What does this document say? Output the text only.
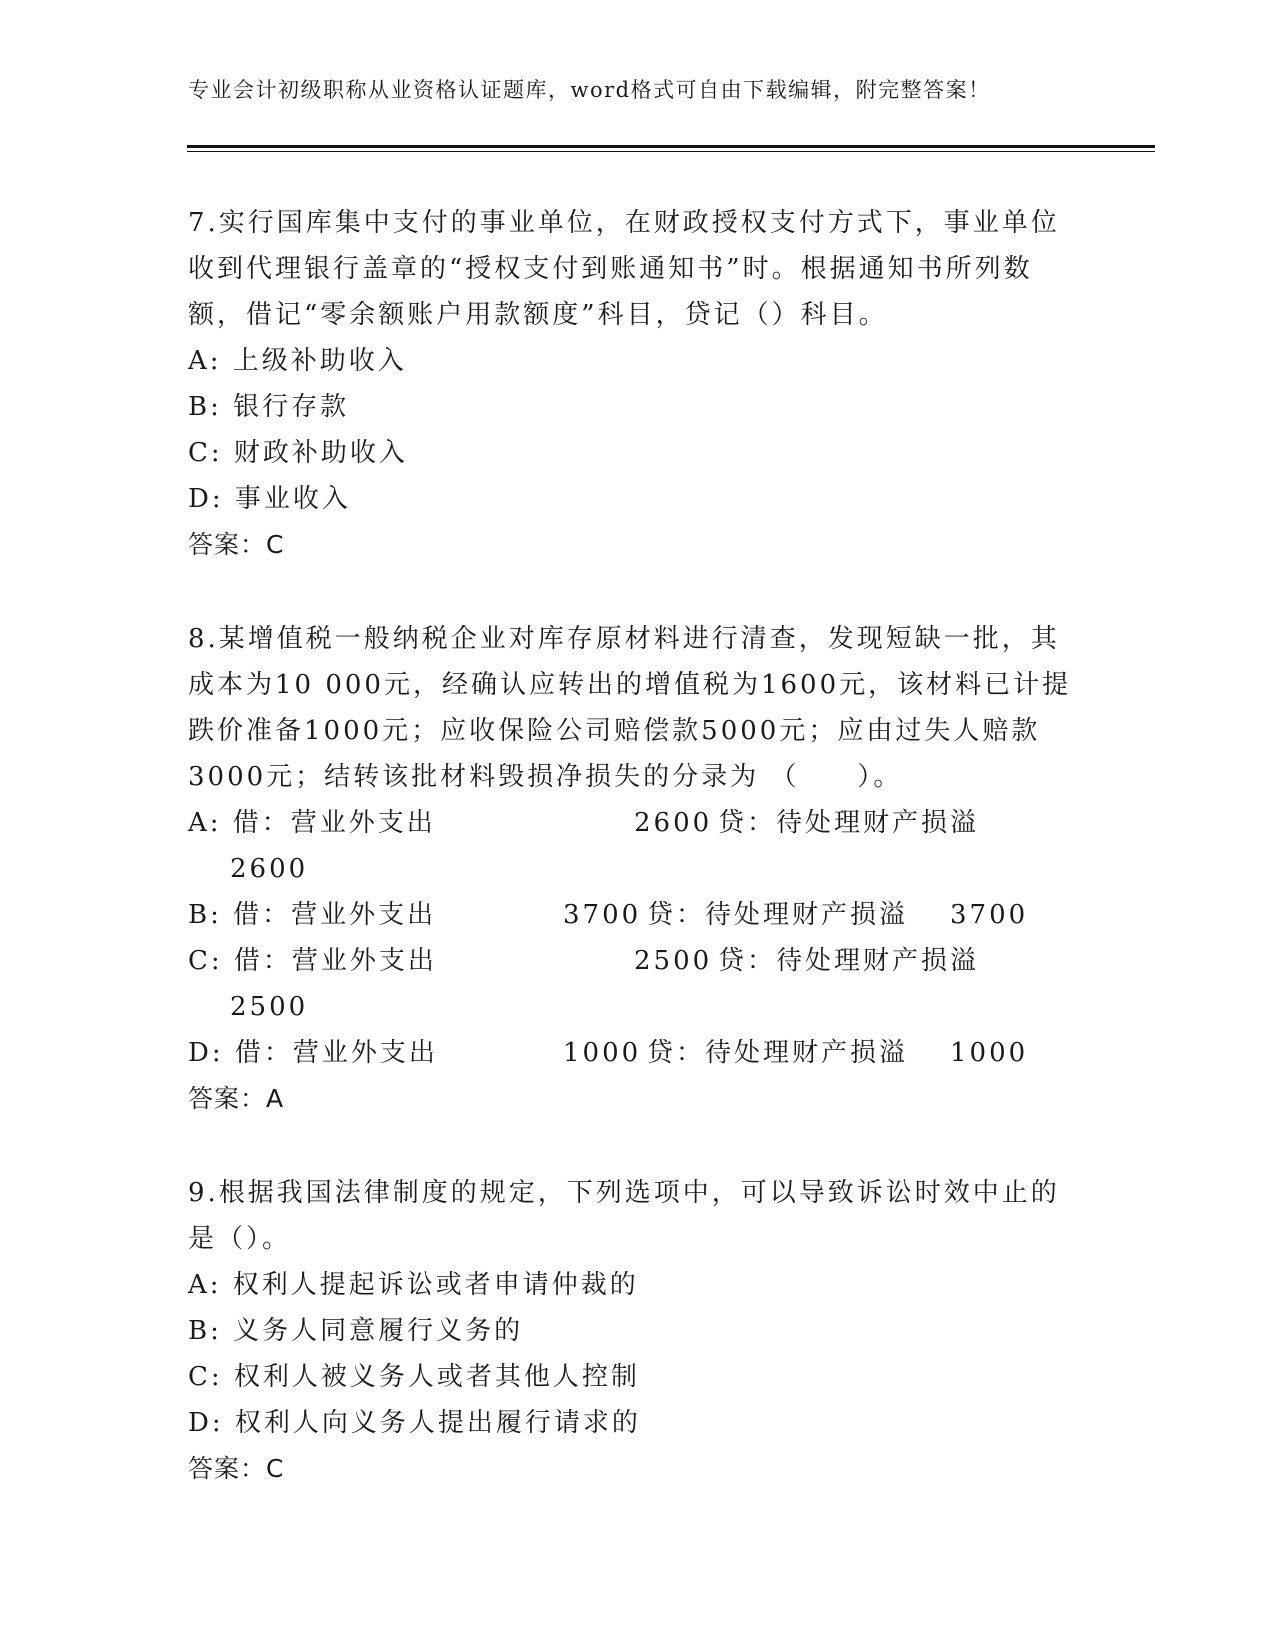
专业会计初级职称从业资格认证题库，word格式可自由下载编辑，附完整答案！
7.实行国库集中支付的事业单位，在财政授权支付方式下，事业单位
收到代理银行盖章的“授权支付到账通知书”时。根据通知书所列数
额，借记“零余额账户用款额度”科目，贷记（）科目。
A: 上级补助收入
B: 银行存款
C: 财政补助收入
D: 事业收入
答案：C
8.某增值税一般纳税企业对库存原材料进行清查，发现短缺一批，其
成本为10 000元，经确认应转出的增值税为1600元，该材料已计提
跌价准备1000元；应收保险公司赔偿款5000元；应由过失人赔款
3000元；结转该批材料毁损净损失的分录为 （　　）。
A: 借：营业外支出	2600 贷：待处理财产损溢
2600
B: 借：营业外支出	3700 贷：待处理财产损溢 3700
C: 借：营业外支出	2500 贷：待处理财产损溢
2500
D: 借：营业外支出	1000 贷：待处理财产损溢 1000
答案：A
9.根据我国法律制度的规定，下列选项中，可以导致诉讼时效中止的
是（）。
A: 权利人提起诉讼或者申请仲裁的
B: 义务人同意履行义务的
C: 权利人被义务人或者其他人控制
D: 权利人向义务人提出履行请求的
答案：C
